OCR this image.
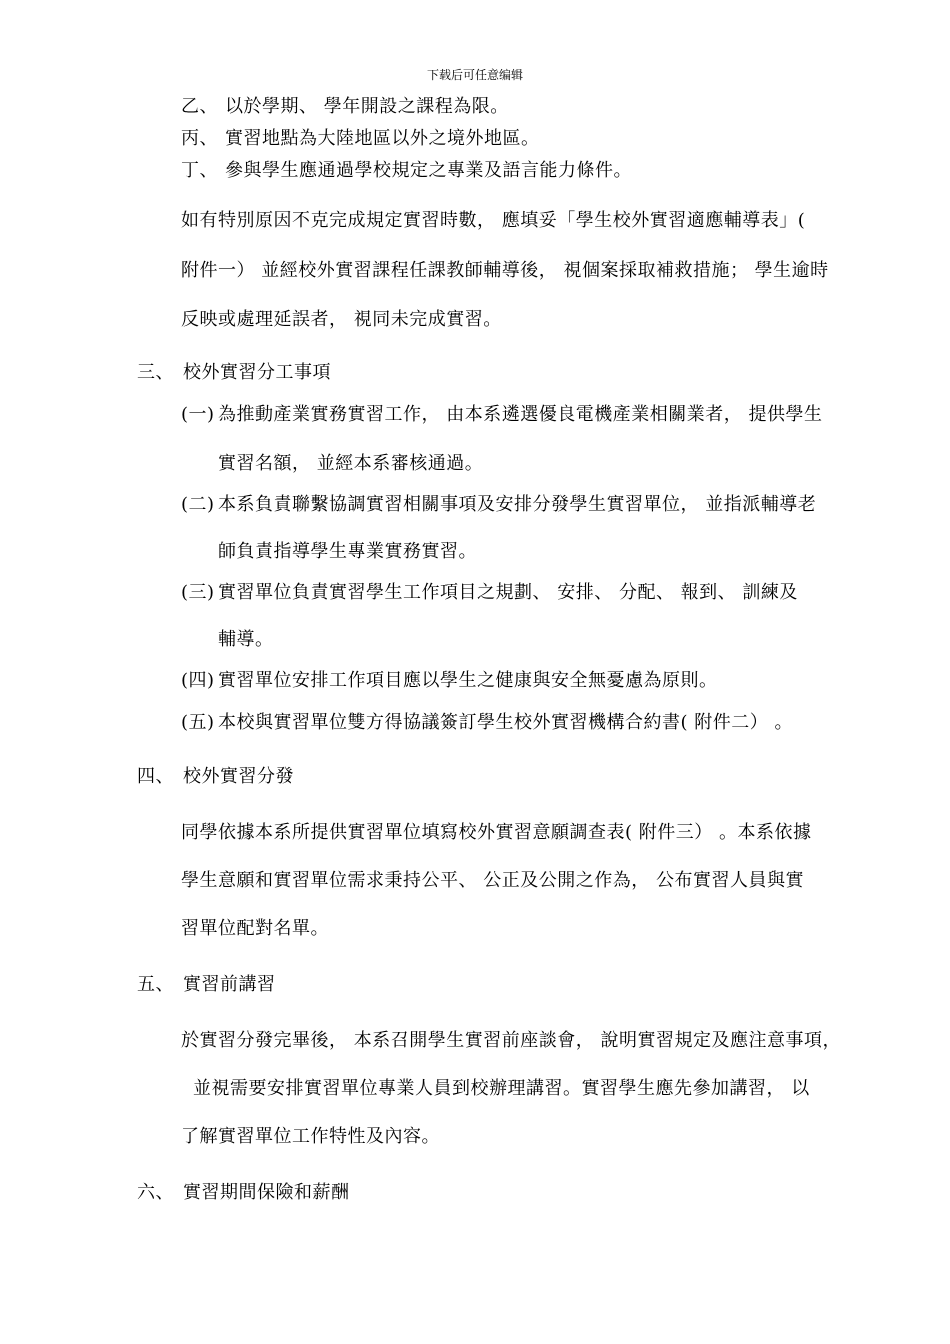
下载后可任意编辑
乙、 以於學期、 學年開設之課程為限。
丙、 實習地點為大陸地區以外之境外地區。
丁、 參與學生應通過學校規定之專業及語言能力條件。
如有特別原因不克完成規定實習時數， 應填妥「學生校外實習適應輔導表」(
附件一） 並經校外實習課程任課教師輔導後， 視個案採取補救措施； 學生逾時
反映或處理延誤者， 視同未完成實習。
三、 校外實習分工事項
(一) 為推動產業實務實習工作， 由本系遴選優良電機產業相關業者， 提供學生
實習名額， 並經本系審核通過。
(二) 本系負責聯繫協調實習相關事項及安排分發學生實習單位， 並指派輔導老
師負責指導學生專業實務實習。
(三) 實習單位負責實習學生工作項目之規劃、 安排、 分配、 報到、 訓練及
輔導。
(四) 實習單位安排工作項目應以學生之健康與安全無憂慮為原則。
(五) 本校與實習單位雙方得協議簽訂學生校外實習機構合約書( 附件二） 。
四、 校外實習分發
同學依據本系所提供實習單位填寫校外實習意願調查表( 附件三） 。本系依據
學生意願和實習單位需求秉持公平、 公正及公開之作為， 公布實習人員與實
習單位配對名單。
五、 實習前講習
於實習分發完畢後， 本系召開學生實習前座談會， 說明實習規定及應注意事項，
並視需要安排實習單位專業人員到校辦理講習。實習學生應先參加講習， 以
了解實習單位工作特性及內容。
六、 實習期間保險和薪酬
